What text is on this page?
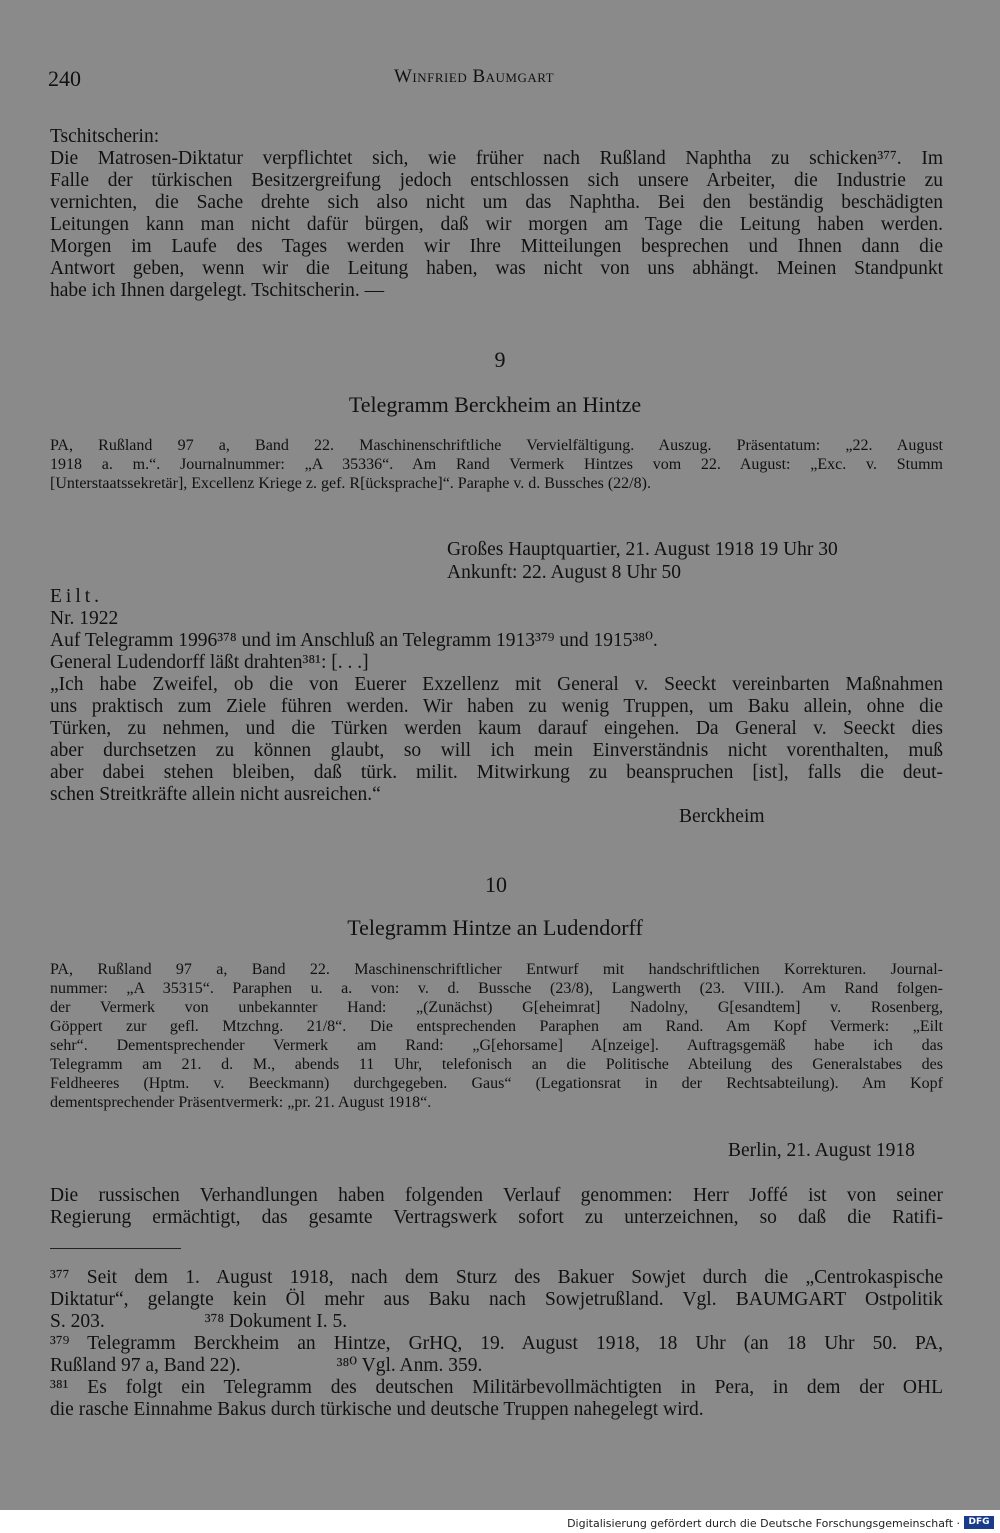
240	Winfried Baumgart
Tschitscherin:
Die Matrosen-Diktatur verpflichtet sich, wie früher nach Rußland Naphtha zu schicken³⁷⁷. Im
Falle der türkischen Besitzergreifung jedoch entschlossen sich unsere Arbeiter, die Industrie zu
vernichten, die Sache drehte sich also nicht um das Naphtha. Bei den beständig beschädigten
Leitungen kann man nicht dafür bürgen, daß wir morgen am Tage die Leitung haben werden.
Morgen im Laufe des Tages werden wir Ihre Mitteilungen besprechen und Ihnen dann die
Antwort geben, wenn wir die Leitung haben, was nicht von uns abhängt. Meinen Standpunkt
habe ich Ihnen dargelegt. Tschitscherin. —
9
Telegramm Berckheim an Hintze
PA, Rußland 97 a, Band 22. Maschinenschriftliche Vervielfältigung. Auszug. Präsentatum: „22. August
1918 a. m.“. Journalnummer: „A 35336“. Am Rand Vermerk Hintzes vom 22. August: „Exc. v. Stumm
[Unterstaatssekretär], Excellenz Kriege z. gef. R[ücksprache]“. Paraphe v. d. Bussches (22/8).
Großes Hauptquartier, 21. August 1918 19 Uhr 30
Ankunft: 22. August 8 Uhr 50
Eilt.
Nr. 1922
Auf Telegramm 1996³⁷⁸ und im Anschluß an Telegramm 1913³⁷⁹ und 1915³⁸⁰.
General Ludendorff läßt drahten³⁸¹: [. . .]
„Ich habe Zweifel, ob die von Euerer Exzellenz mit General v. Seeckt vereinbarten Maßnahmen
uns praktisch zum Ziele führen werden. Wir haben zu wenig Truppen, um Baku allein, ohne die
Türken, zu nehmen, und die Türken werden kaum darauf eingehen. Da General v. Seeckt dies
aber durchsetzen zu können glaubt, so will ich mein Einverständnis nicht vorenthalten, muß
aber dabei stehen bleiben, daß türk. milit. Mitwirkung zu beanspruchen [ist], falls die deut-
schen Streitkräfte allein nicht ausreichen.“
Berckheim
10
Telegramm Hintze an Ludendorff
PA, Rußland 97 a, Band 22. Maschinenschriftlicher Entwurf mit handschriftlichen Korrekturen. Journal-
nummer: „A 35315“. Paraphen u. a. von: v. d. Bussche (23/8), Langwerth (23. VIII.). Am Rand folgen-
der Vermerk von unbekannter Hand: „(Zunächst) G[eheimrat] Nadolny, G[esandtem] v. Rosenberg,
Göppert zur gefl. Mtzchng. 21/8“. Die entsprechenden Paraphen am Rand. Am Kopf Vermerk: „Eilt
sehr“. Dementsprechender Vermerk am Rand: „G[ehorsame] A[nzeige]. Auftragsgemäß habe ich das
Telegramm am 21. d. M., abends 11 Uhr, telefonisch an die Politische Abteilung des Generalstabes des
Feldheeres (Hptm. v. Beeckmann) durchgegeben. Gaus“ (Legationsrat in der Rechtsabteilung). Am Kopf
dementsprechender Präsentvermerk: „pr. 21. August 1918“.
Berlin, 21. August 1918
Die russischen Verhandlungen haben folgenden Verlauf genommen: Herr Joffé ist von seiner
Regierung ermächtigt, das gesamte Vertragswerk sofort zu unterzeichnen, so daß die Ratifi-
³⁷⁷ Seit dem 1. August 1918, nach dem Sturz des Bakuer Sowjet durch die „Centrokaspische
Diktatur“, gelangte kein Öl mehr aus Baku nach Sowjetrußland. Vgl. BAUMGART Ostpolitik
S. 203.	³⁷⁸ Dokument I. 5.
³⁷⁹ Telegramm Berckheim an Hintze, GrHQ, 19. August 1918, 18 Uhr (an 18 Uhr 50. PA,
Rußland 97 a, Band 22).	³⁸⁰ Vgl. Anm. 359.
³⁸¹ Es folgt ein Telegramm des deutschen Militärbevollmächtigten in Pera, in dem der OHL
die rasche Einnahme Bakus durch türkische und deutsche Truppen nahegelegt wird.
Digitalisierung gefördert durch die Deutsche Forschungsgemeinschaft · DFG
